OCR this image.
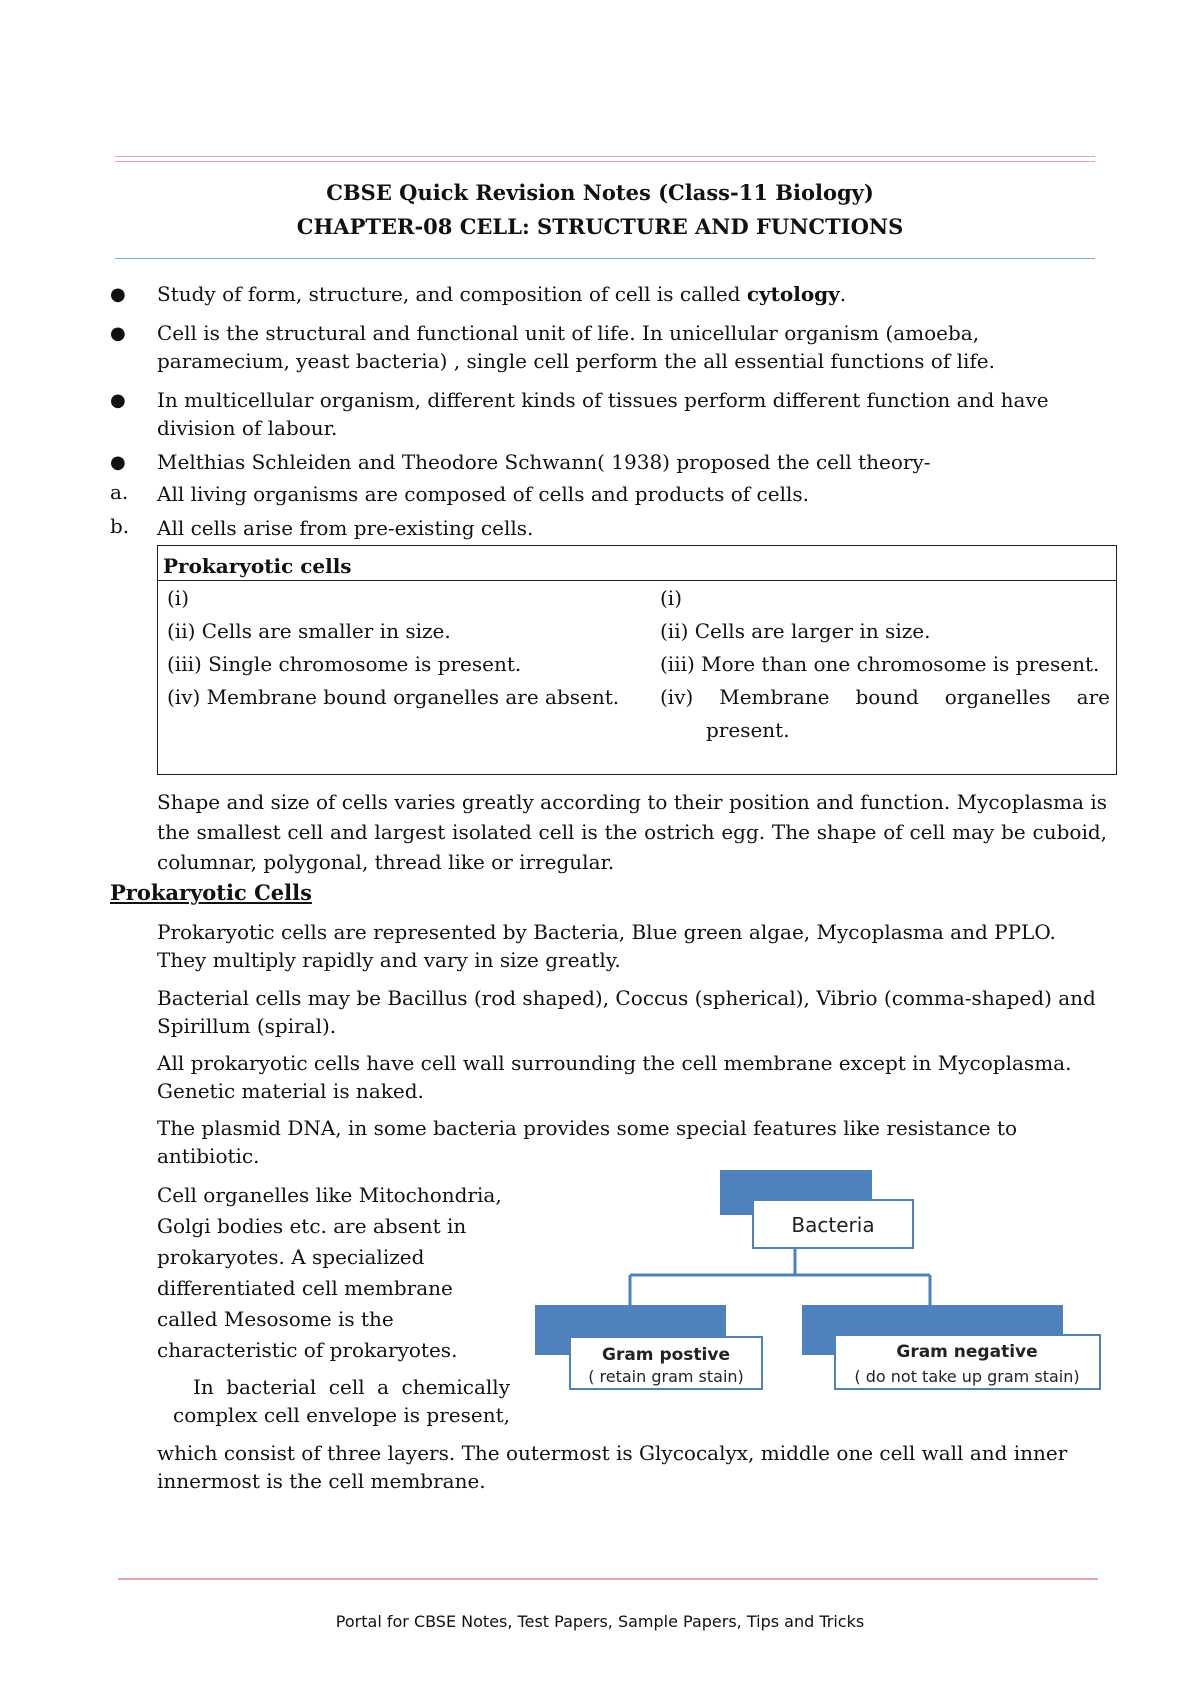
CBSE Quick Revision Notes (Class-11 Biology)
CHAPTER-08 CELL: STRUCTURE AND FUNCTIONS
● Study of form, structure, and composition of cell is called cytology.
● Cell is the structural and functional unit of life. In unicellular organism (amoeba, paramecium, yeast bacteria) , single cell perform the all essential functions of life.
● In multicellular organism, different kinds of tissues perform different function and have division of labour.
● Melthias Schleiden and Theodore Schwann( 1938) proposed the cell theory-
a. All living organisms are composed of cells and products of cells.
b. All cells arise from pre-existing cells.
Prokaryotic cells
(i)
(ii) Cells are smaller in size.
(iii) Single chromosome is present.
(iv) Membrane bound organelles are absent.
(i)
(ii) Cells are larger in size.
(iii) More than one chromosome is present.
(iv) Membrane bound organelles are present.
Shape and size of cells varies greatly according to their position and function. Mycoplasma is the smallest cell and largest isolated cell is the ostrich egg. The shape of cell may be cuboid, columnar, polygonal, thread like or irregular.
Prokaryotic Cells
Prokaryotic cells are represented by Bacteria, Blue green algae, Mycoplasma and PPLO. They multiply rapidly and vary in size greatly.
Bacterial cells may be Bacillus (rod shaped), Coccus (spherical), Vibrio (comma-shaped) and Spirillum (spiral).
All prokaryotic cells have cell wall surrounding the cell membrane except in Mycoplasma. Genetic material is naked.
The plasmid DNA, in some bacteria provides some special features like resistance to antibiotic.
Cell organelles like Mitochondria, Golgi bodies etc. are absent in prokaryotes. A specialized differentiated cell membrane called Mesosome is the characteristic of prokaryotes.
In bacterial cell a chemically complex cell envelope is present,
which consist of three layers. The outermost is Glycocalyx, middle one cell wall and inner innermost is the cell membrane.
Bacteria
Gram postive
( retain gram stain)
Gram negative
( do not take up gram stain)
Portal for CBSE Notes, Test Papers, Sample Papers, Tips and Tricks
